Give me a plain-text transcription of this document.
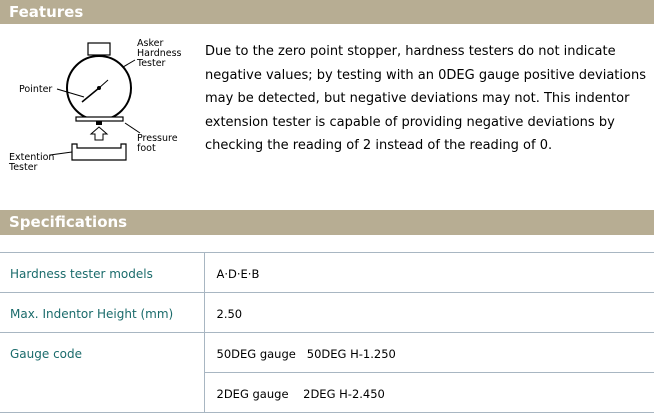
Features
Asker
Hardness
Tester
Pointer
Pressure
foot
Extention
Tester

Due to the zero point stopper, hardness testers do not indicate negative values; by testing with an 0DEG gauge positive deviations may be detected, but negative deviations may not. This indentor extension tester is capable of providing negative deviations by checking the reading of 2 instead of the reading of 0.

Specifications
Hardness tester models	A·D·E·B
Max. Indentor Height (mm)	2.50
Gauge code	50DEG gauge   50DEG H-1.250
	2DEG gauge    2DEG H-2.450
